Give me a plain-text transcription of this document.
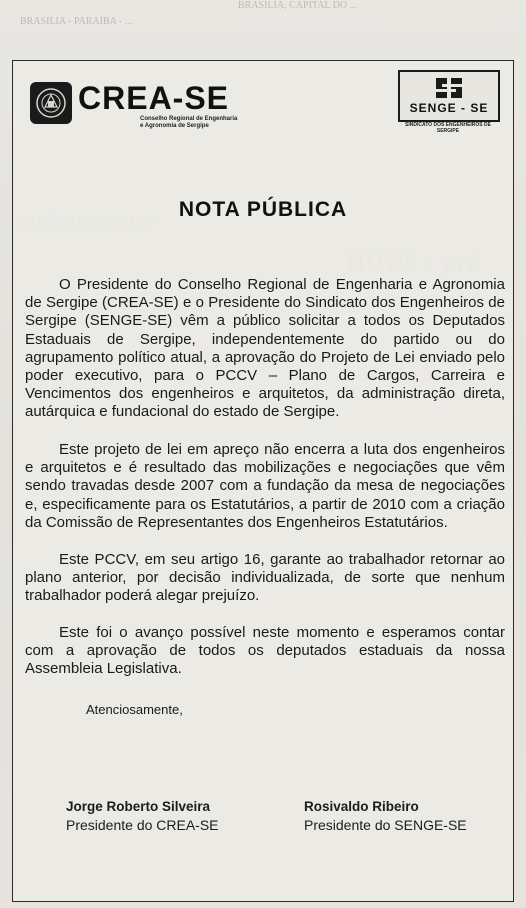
BRASÍLIA, CAPITAL DO ...
BRASILIA - PARAIBA - ...
CREA-SE
Conselho Regional de Engenharia
e Agronomia de Sergipe
SENGE - SE
SINDICATO DOS ENGENHEIROS DE SERGIPE
NOTA PÚBLICA
O Presidente do Conselho Regional de Engenharia e Agronomia de Sergipe (CREA-SE) e o Presidente do Sindicato dos Engenheiros de Sergipe (SENGE-SE) vêm a público solicitar a todos os Deputados Estaduais de Sergipe, independentemente do partido ou do agrupamento político atual, a aprovação do Projeto de Lei enviado pelo poder executivo, para o PCCV – Plano de Cargos, Carreira e Vencimentos dos engenheiros e arquitetos, da administração direta, autárquica e fundacional do estado de Sergipe.
Este projeto de lei em apreço não encerra a luta dos engenheiros e arquitetos e é resultado das mobilizações e negociações que vêm sendo travadas desde 2007 com a fundação da mesa de negociações e, especificamente para os Estatutários, a partir de 2010 com a criação da Comissão de Representantes dos Engenheiros Estatutários.
Este PCCV, em seu artigo 16, garante ao trabalhador retornar ao plano anterior, por decisão individualizada, de sorte que nenhum trabalhador poderá alegar prejuízo.
Este foi o avanço possível neste momento e esperamos contar com a aprovação de todos os deputados estaduais da nossa Assembleia Legislativa.
Atenciosamente,
Jorge Roberto Silveira
Presidente do CREA-SE
Rosivaldo Ribeiro
Presidente do SENGE-SE
